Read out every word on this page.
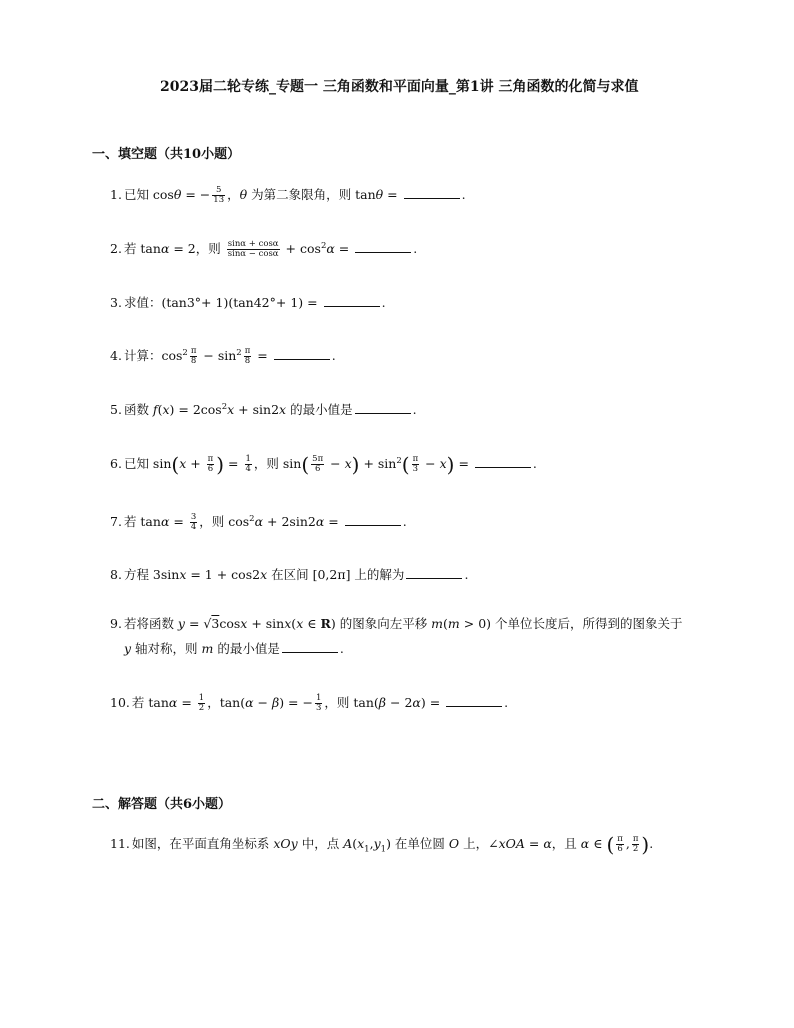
2023届二轮专练_专题一 三角函数和平面向量_第1讲 三角函数的化简与求值
一、填空题（共10小题）
1. 已知 cosθ = − $\frac{5}{13}$ ，θ 为第二象限角，则 tanθ =	.
2. 若 tanα = 2，则 $\frac{\sin\alpha + \cos\alpha}{\sin\alpha - \cos\alpha} + \cos^2\alpha$ =	.
3. 求值：(tan3°+ 1)(tan42°+ 1) =	.
4. 计算：$\cos^2 \frac{\pi}{8} - \sin^2 \frac{\pi}{8}$ =	.
5. 函数 $f(x) = 2\cos^2x + \sin 2x$ 的最小值是	.
6. 已知 $\sin(x + \frac{\pi}{6}$ ) = $\frac{1}{4}$ ，则 $\sin( \frac{5\pi}{6} - x) + \sin^2( \frac{\pi}{3} - x)$ =	.
7. 若 $\tan\alpha = \frac{3}{4}$ ，则 $\cos^2\alpha + 2\sin 2\alpha$ =	.
8. 方程 3sinx = 1 + cos2x 在区间 [0,2π] 上的解为	.
9. 若将函数 y = √3cosx + sinx(x ∈ R) 的图象向左平移 m(m > 0) 个单位长度后，所得到的图象关于
y 轴对称，则 m 的最小值是	.
10. 若 $\tan\alpha = \frac{1}{2}$ ，tan(α − β) = − $\frac{1}{3}$ ，则 tan(β − 2α) =	.
二、解答题（共6小题）
11. 如图，在平面直角坐标系 xOy 中，点 $A(x_1,y_1)$ 在单位圆 O 上，∠xOA = α，且 α ∈ ( $\frac{\pi}{6}$ , $\frac{\pi}{2}$ ).
